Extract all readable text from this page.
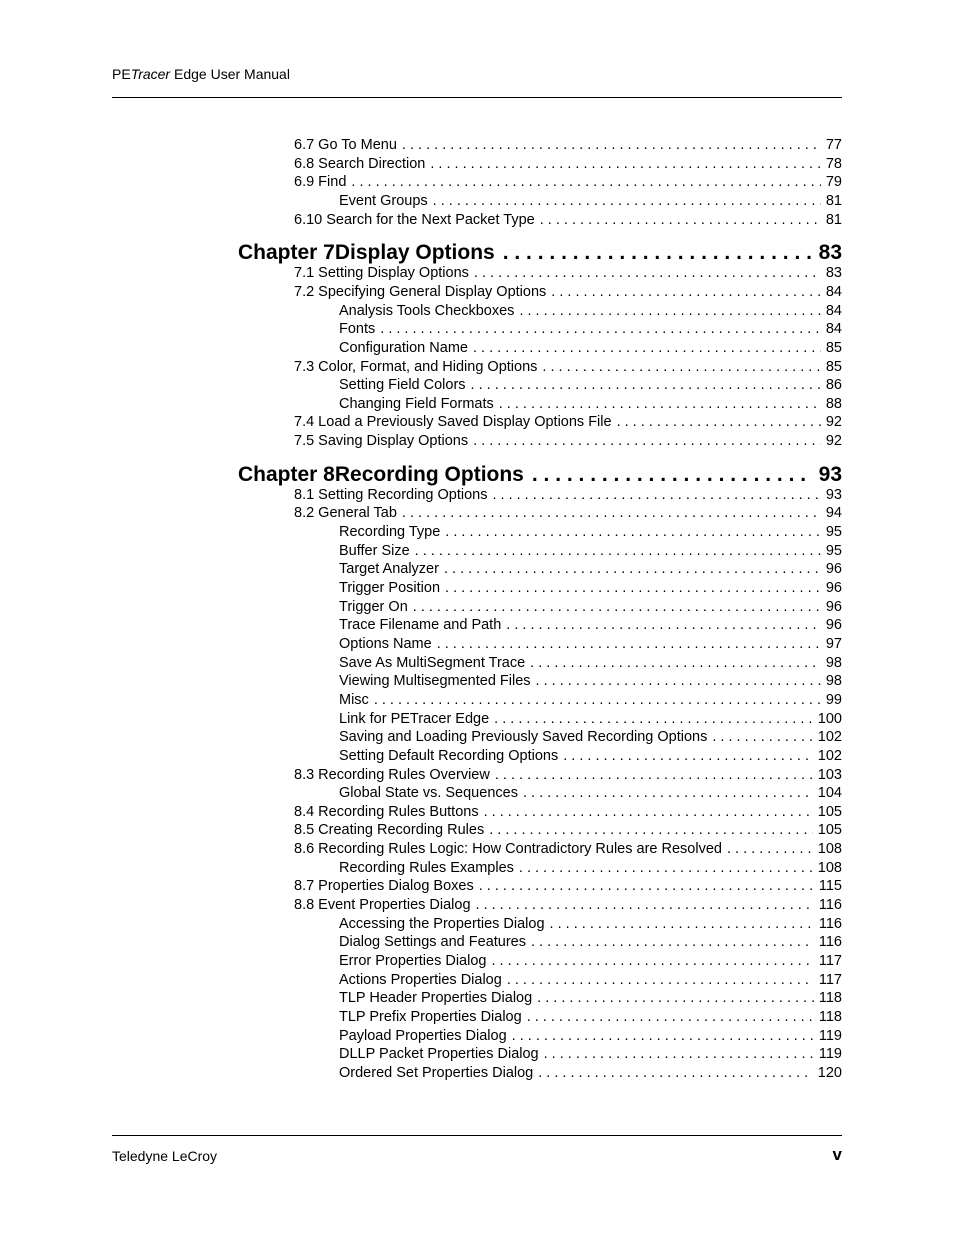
PETracer Edge User Manual
6.7 Go To Menu . . .	77
6.8 Search Direction . . .	78
6.9 Find . . .	79
Event Groups . . .	81
6.10 Search for the Next Packet Type . . .	81
Chapter 7 Display Options . . .	83
7.1 Setting Display Options . . .	83
7.2 Specifying General Display Options . . .	84
Analysis Tools Checkboxes . . .	84
Fonts . . .	84
Configuration Name . . .	85
7.3 Color, Format, and Hiding Options . . .	85
Setting Field Colors . . .	86
Changing Field Formats . . .	88
7.4 Load a Previously Saved Display Options File . . .	92
7.5 Saving Display Options . . .	92
Chapter 8 Recording Options . . .	93
8.1 Setting Recording Options . . .	93
8.2 General Tab . . .	94
Recording Type . . .	95
Buffer Size . . .	95
Target Analyzer . . .	96
Trigger Position . . .	96
Trigger On . . .	96
Trace Filename and Path . . .	96
Options Name . . .	97
Save As MultiSegment Trace . . .	98
Viewing Multisegmented Files . . .	98
Misc . . .	99
Link for PETracer Edge . . .	100
Saving and Loading Previously Saved Recording Options . . .	102
Setting Default Recording Options . . .	102
8.3 Recording Rules Overview . . .	103
Global State vs. Sequences . . .	104
8.4 Recording Rules Buttons . . .	105
8.5 Creating Recording Rules . . .	105
8.6 Recording Rules Logic: How Contradictory Rules are Resolved . . .	108
Recording Rules Examples . . .	108
8.7 Properties Dialog Boxes . . .	115
8.8 Event Properties Dialog . . .	116
Accessing the Properties Dialog . . .	116
Dialog Settings and Features . . .	116
Error Properties Dialog . . .	117
Actions Properties Dialog . . .	117
TLP Header Properties Dialog . . .	118
TLP Prefix Properties Dialog . . .	118
Payload Properties Dialog . . .	119
DLLP Packet Properties Dialog . . .	119
Ordered Set Properties Dialog . . .	120
Teledyne LeCroy	v
